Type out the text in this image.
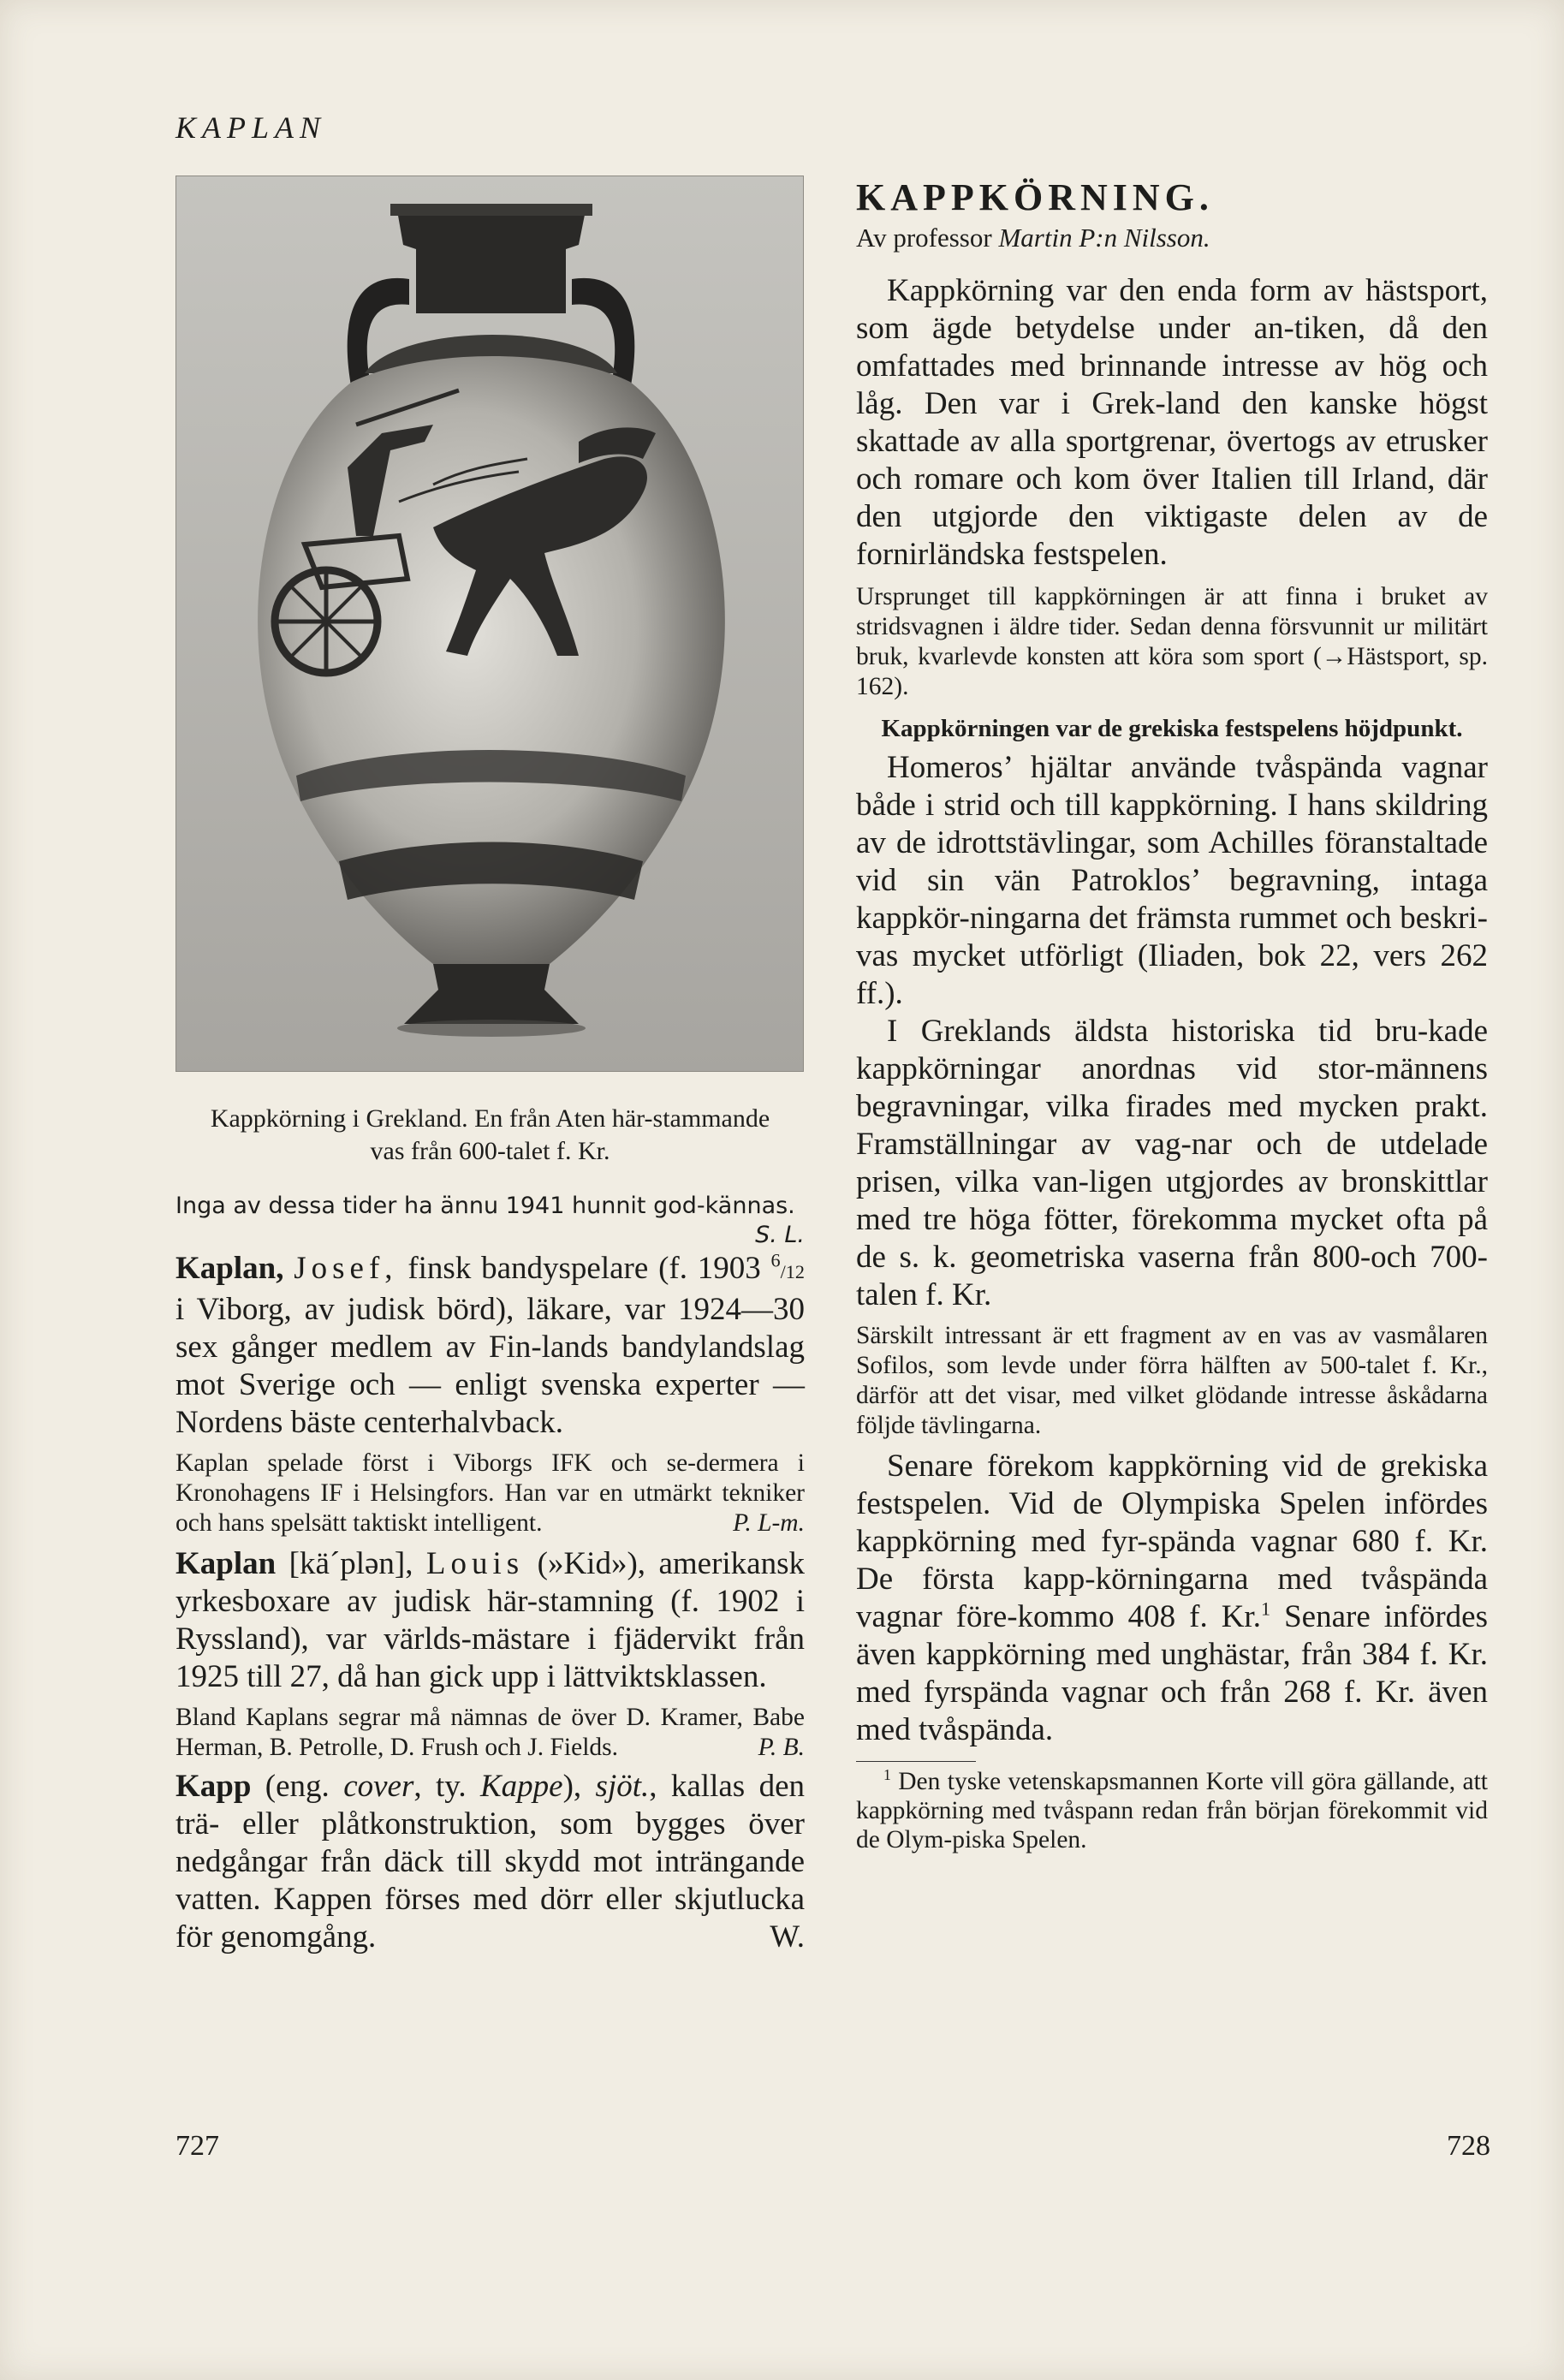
KAPLAN
Kappkörning i Grekland. En från Aten här-stammande vas från 600-talet f. Kr.

Inga av dessa tider ha ännu 1941 hunnit god-kännas.
S. L.

Kaplan, Josef, finsk bandyspelare (f. 1903 $^6$/12 i Viborg, av judisk börd), läkare, var 1924—30 sex gånger medlem av Fin-lands bandylandslag mot Sverige och — enligt svenska experter — Nordens bäste centerhalvback.

Kaplan spelade först i Viborgs IFK och se-dermera i Kronohagens IF i Helsingfors. Han var en utmärkt tekniker och hans spelsätt taktiskt intelligent.	P. L-m.

Kaplan [kä´plən], Louis (»Kid»), amerikansk yrkesboxare av judisk här-stamning (f. 1902 i Ryssland), var världs-mästare i fjädervikt från 1925 till 27, då han gick upp i lättviktsklassen.

Bland Kaplans segrar må nämnas de över D. Kramer, Babe Herman, B. Petrolle, D. Frush och J. Fields.	P. B.

Kapp (eng. cover, ty. Kappe), sjöt., kallas den trä- eller plåtkonstruktion, som bygges över nedgångar från däck till skydd mot inträngande vatten. Kappen förses med dörr eller skjutlucka för genomgång.	W.

727
KAPPKÖRNING.
Av professor Martin P:n Nilsson.

Kappkörning var den enda form av hästsport, som ägde betydelse under an-tiken, då den omfattades med brinnande intresse av hög och låg. Den var i Grek-land den kanske högst skattade av alla sportgrenar, övertogs av etrusker och romare och kom över Italien till Irland, där den utgjorde den viktigaste delen av de fornirländska festspelen.

Ursprunget till kappkörningen är att finna i bruket av stridsvagnen i äldre tider. Sedan denna försvunnit ur militärt bruk, kvarlevde konsten att köra som sport (→Hästsport, sp. 162).

Kappkörningen var de grekiska festspelens höjdpunkt.

Homeros’ hjältar använde tvåspända vagnar både i strid och till kappkörning. I hans skildring av de idrottstävlingar, som Achilles föranstaltade vid sin vän Patroklos’ begravning, intaga kappkör-ningarna det främsta rummet och beskri-vas mycket utförligt (Iliaden, bok 22, vers 262 ff.).

I Greklands äldsta historiska tid bru-kade kappkörningar anordnas vid stor-männens begravningar, vilka firades med mycken prakt. Framställningar av vag-nar och de utdelade prisen, vilka van-ligen utgjordes av bronskittlar med tre höga fötter, förekomma mycket ofta på de s. k. geometriska vaserna från 800-och 700-talen f. Kr.

Särskilt intressant är ett fragment av en vas av vasmålaren Sofilos, som levde under förra hälften av 500-talet f. Kr., därför att det visar, med vilket glödande intresse åskådarna följde tävlingarna.

Senare förekom kappkörning vid de grekiska festspelen. Vid de Olympiska Spelen infördes kappkörning med fyr-spända vagnar 680 f. Kr. De första kapp-körningarna med tvåspända vagnar före-kommo 408 f. Kr.$^1$ Senare infördes även kappkörning med unghästar, från 384 f. Kr. med fyrspända vagnar och från 268 f. Kr. även med tvåspända.

$^1$ Den tyske vetenskapsmannen Korte vill göra gällande, att kappkörning med tvåspann redan från början förekommit vid de Olym-piska Spelen.

728
